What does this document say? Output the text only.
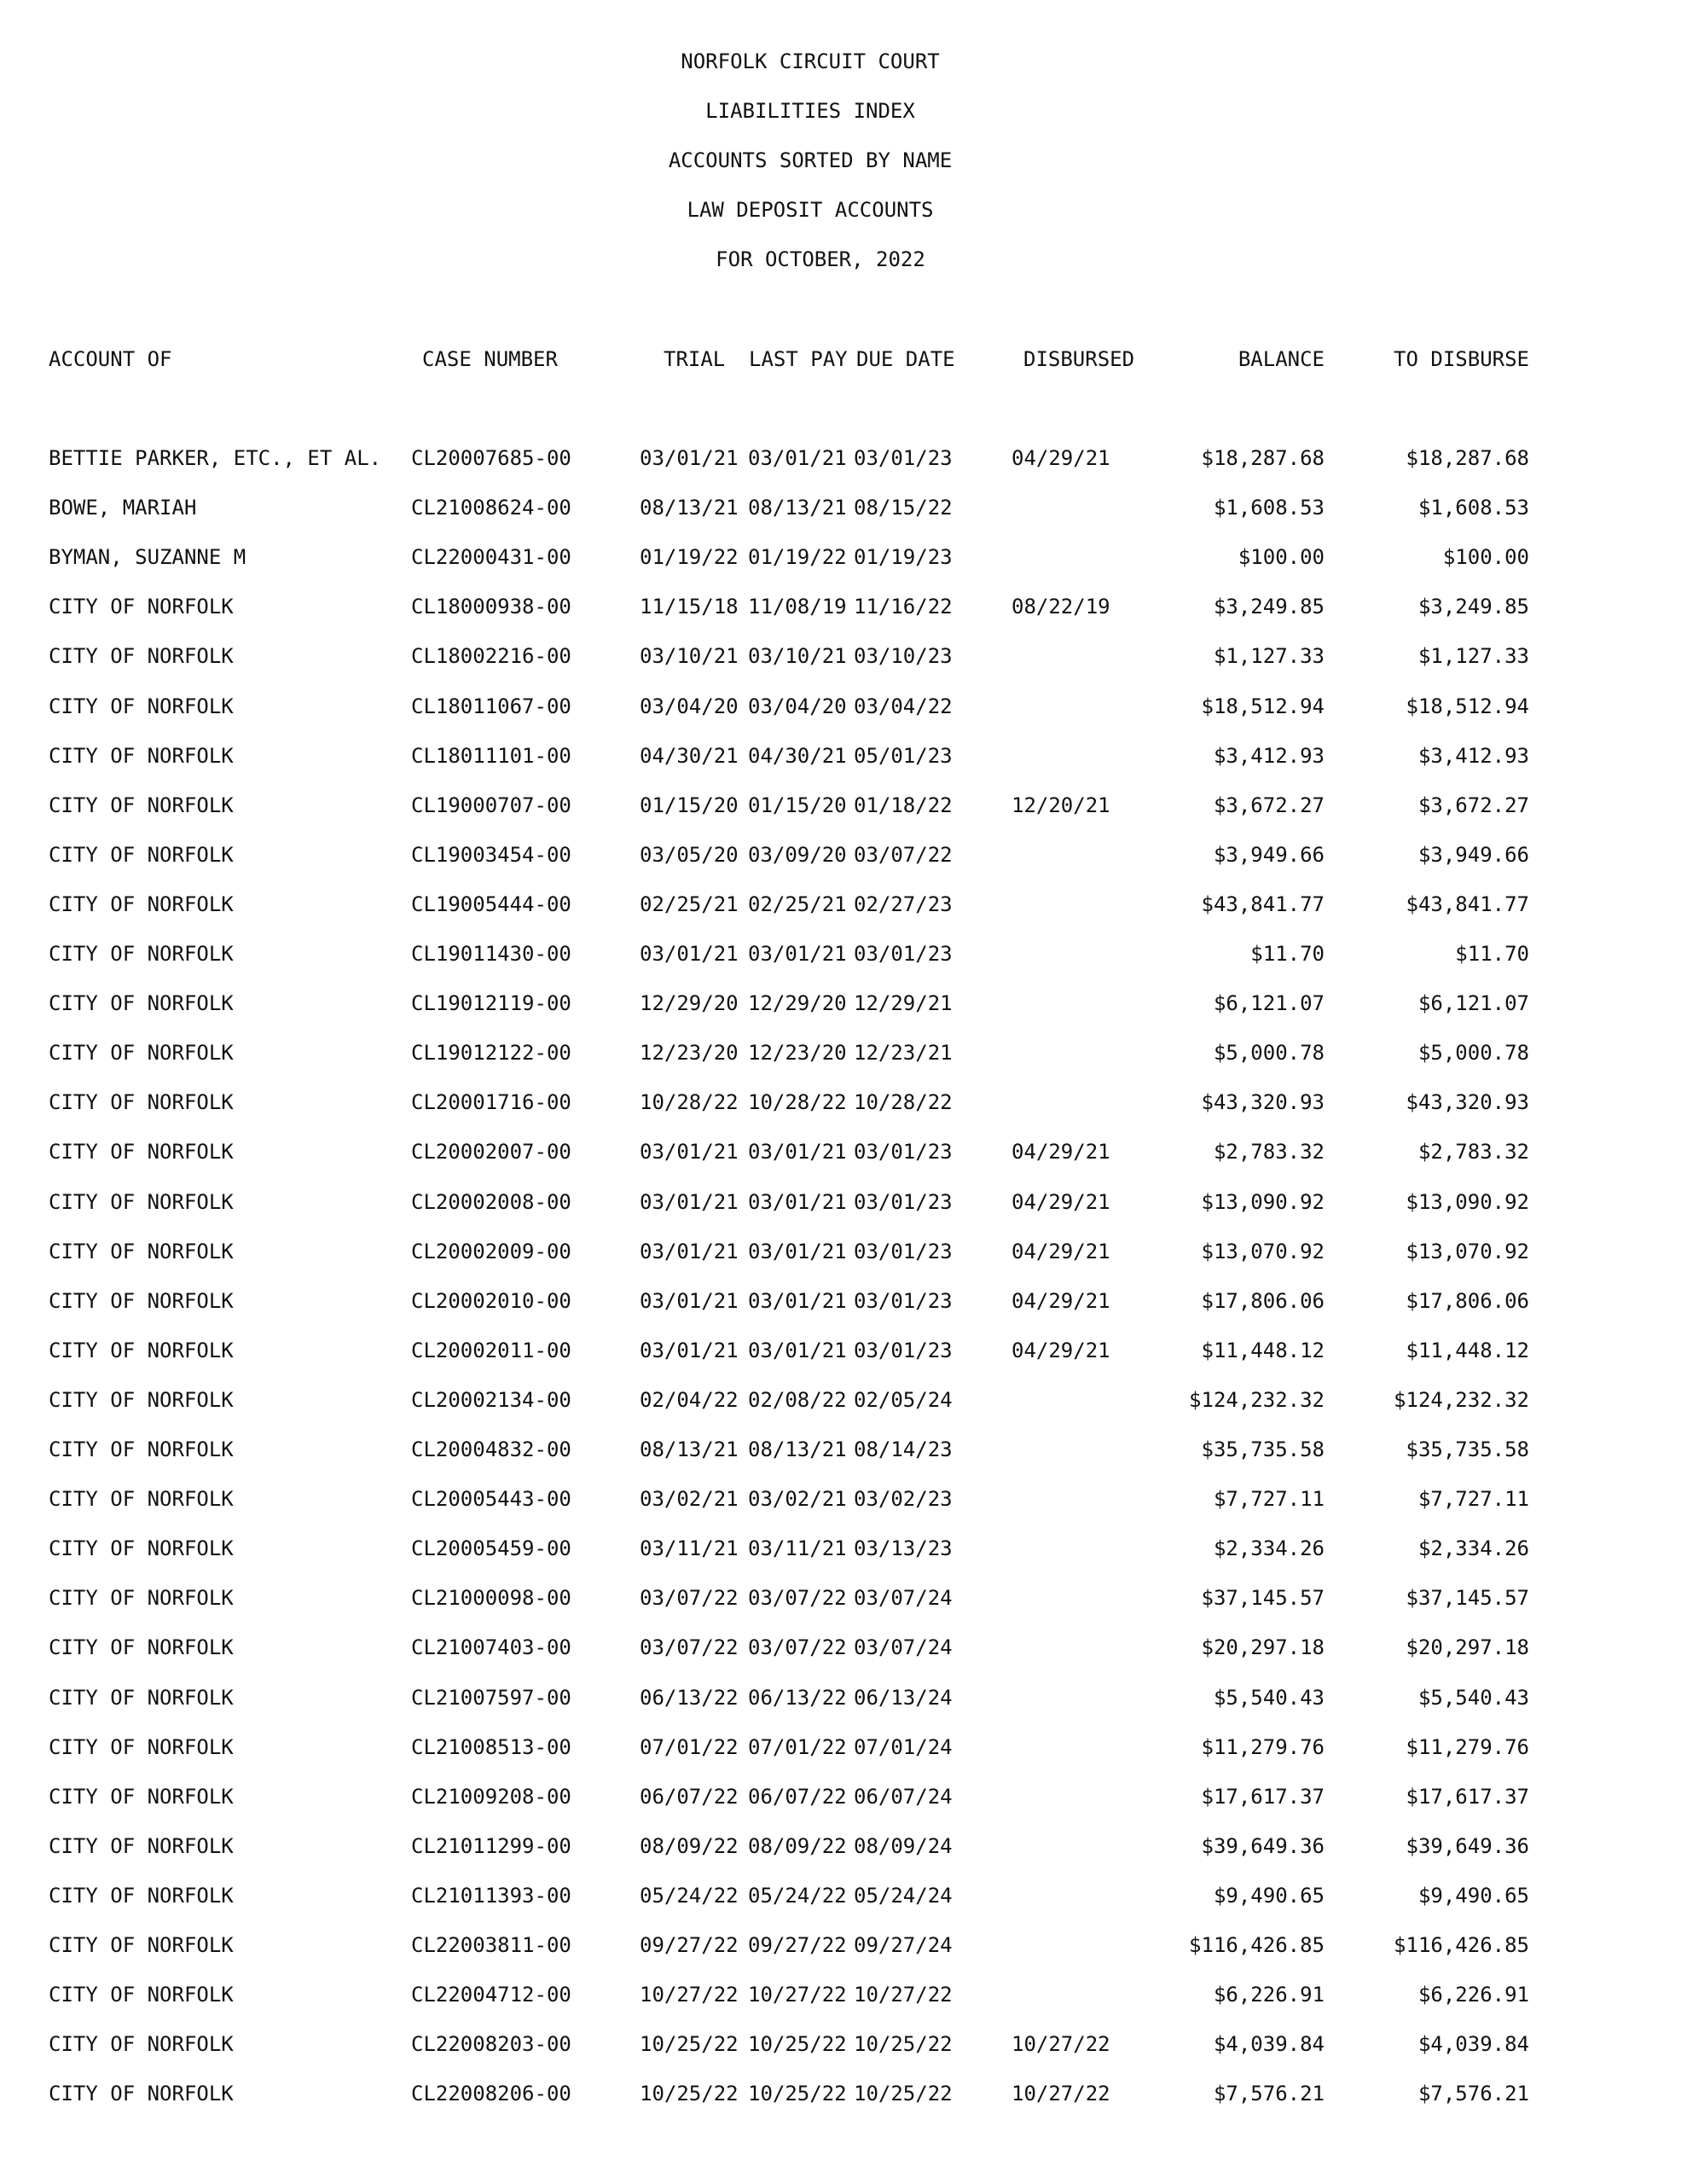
NORFOLK CIRCUIT COURT
LIABILITIES INDEX
ACCOUNTS SORTED BY NAME
LAW DEPOSIT ACCOUNTS
FOR OCTOBER, 2022
ACCOUNT OF	CASE NUMBER	TRIAL LAST PAY DUE DATE	DISBURSED	BALANCE	TO DISBURSE
BETTIE PARKER, ETC., ET AL. CL20007685-00	03/01/21 03/01/21 03/01/23	04/29/21	$18,287.68	$18,287.68
BOWE, MARIAH	CL21008624-00	08/13/21 08/13/21 08/15/22	$1,608.53	$1,608.53
BYMAN, SUZANNE M	CL22000431-00	01/19/22 01/19/22 01/19/23	$100.00	$100.00
CITY OF NORFOLK	CL18000938-00	11/15/18 11/08/19 11/16/22	08/22/19	$3,249.85	$3,249.85
CITY OF NORFOLK	CL18002216-00	03/10/21 03/10/21 03/10/23	$1,127.33	$1,127.33
CITY OF NORFOLK	CL18011067-00	03/04/20 03/04/20 03/04/22	$18,512.94	$18,512.94
CITY OF NORFOLK	CL18011101-00	04/30/21 04/30/21 05/01/23	$3,412.93	$3,412.93
CITY OF NORFOLK	CL19000707-00	01/15/20 01/15/20 01/18/22	12/20/21	$3,672.27	$3,672.27
CITY OF NORFOLK	CL19003454-00	03/05/20 03/09/20 03/07/22	$3,949.66	$3,949.66
CITY OF NORFOLK	CL19005444-00	02/25/21 02/25/21 02/27/23	$43,841.77	$43,841.77
CITY OF NORFOLK	CL19011430-00	03/01/21 03/01/21 03/01/23	$11.70	$11.70
CITY OF NORFOLK	CL19012119-00	12/29/20 12/29/20 12/29/21	$6,121.07	$6,121.07
CITY OF NORFOLK	CL19012122-00	12/23/20 12/23/20 12/23/21	$5,000.78	$5,000.78
CITY OF NORFOLK	CL20001716-00	10/28/22 10/28/22 10/28/22	$43,320.93	$43,320.93
CITY OF NORFOLK	CL20002007-00	03/01/21 03/01/21 03/01/23	04/29/21	$2,783.32	$2,783.32
CITY OF NORFOLK	CL20002008-00	03/01/21 03/01/21 03/01/23	04/29/21	$13,090.92	$13,090.92
CITY OF NORFOLK	CL20002009-00	03/01/21 03/01/21 03/01/23	04/29/21	$13,070.92	$13,070.92
CITY OF NORFOLK	CL20002010-00	03/01/21 03/01/21 03/01/23	04/29/21	$17,806.06	$17,806.06
CITY OF NORFOLK	CL20002011-00	03/01/21 03/01/21 03/01/23	04/29/21	$11,448.12	$11,448.12
CITY OF NORFOLK	CL20002134-00	02/04/22 02/08/22 02/05/24	$124,232.32	$124,232.32
CITY OF NORFOLK	CL20004832-00	08/13/21 08/13/21 08/14/23	$35,735.58	$35,735.58
CITY OF NORFOLK	CL20005443-00	03/02/21 03/02/21 03/02/23	$7,727.11	$7,727.11
CITY OF NORFOLK	CL20005459-00	03/11/21 03/11/21 03/13/23	$2,334.26	$2,334.26
CITY OF NORFOLK	CL21000098-00	03/07/22 03/07/22 03/07/24	$37,145.57	$37,145.57
CITY OF NORFOLK	CL21007403-00	03/07/22 03/07/22 03/07/24	$20,297.18	$20,297.18
CITY OF NORFOLK	CL21007597-00	06/13/22 06/13/22 06/13/24	$5,540.43	$5,540.43
CITY OF NORFOLK	CL21008513-00	07/01/22 07/01/22 07/01/24	$11,279.76	$11,279.76
CITY OF NORFOLK	CL21009208-00	06/07/22 06/07/22 06/07/24	$17,617.37	$17,617.37
CITY OF NORFOLK	CL21011299-00	08/09/22 08/09/22 08/09/24	$39,649.36	$39,649.36
CITY OF NORFOLK	CL21011393-00	05/24/22 05/24/22 05/24/24	$9,490.65	$9,490.65
CITY OF NORFOLK	CL22003811-00	09/27/22 09/27/22 09/27/24	$116,426.85	$116,426.85
CITY OF NORFOLK	CL22004712-00	10/27/22 10/27/22 10/27/22	$6,226.91	$6,226.91
CITY OF NORFOLK	CL22008203-00	10/25/22 10/25/22 10/25/22	10/27/22	$4,039.84	$4,039.84
CITY OF NORFOLK	CL22008206-00	10/25/22 10/25/22 10/25/22	10/27/22	$7,576.21	$7,576.21
